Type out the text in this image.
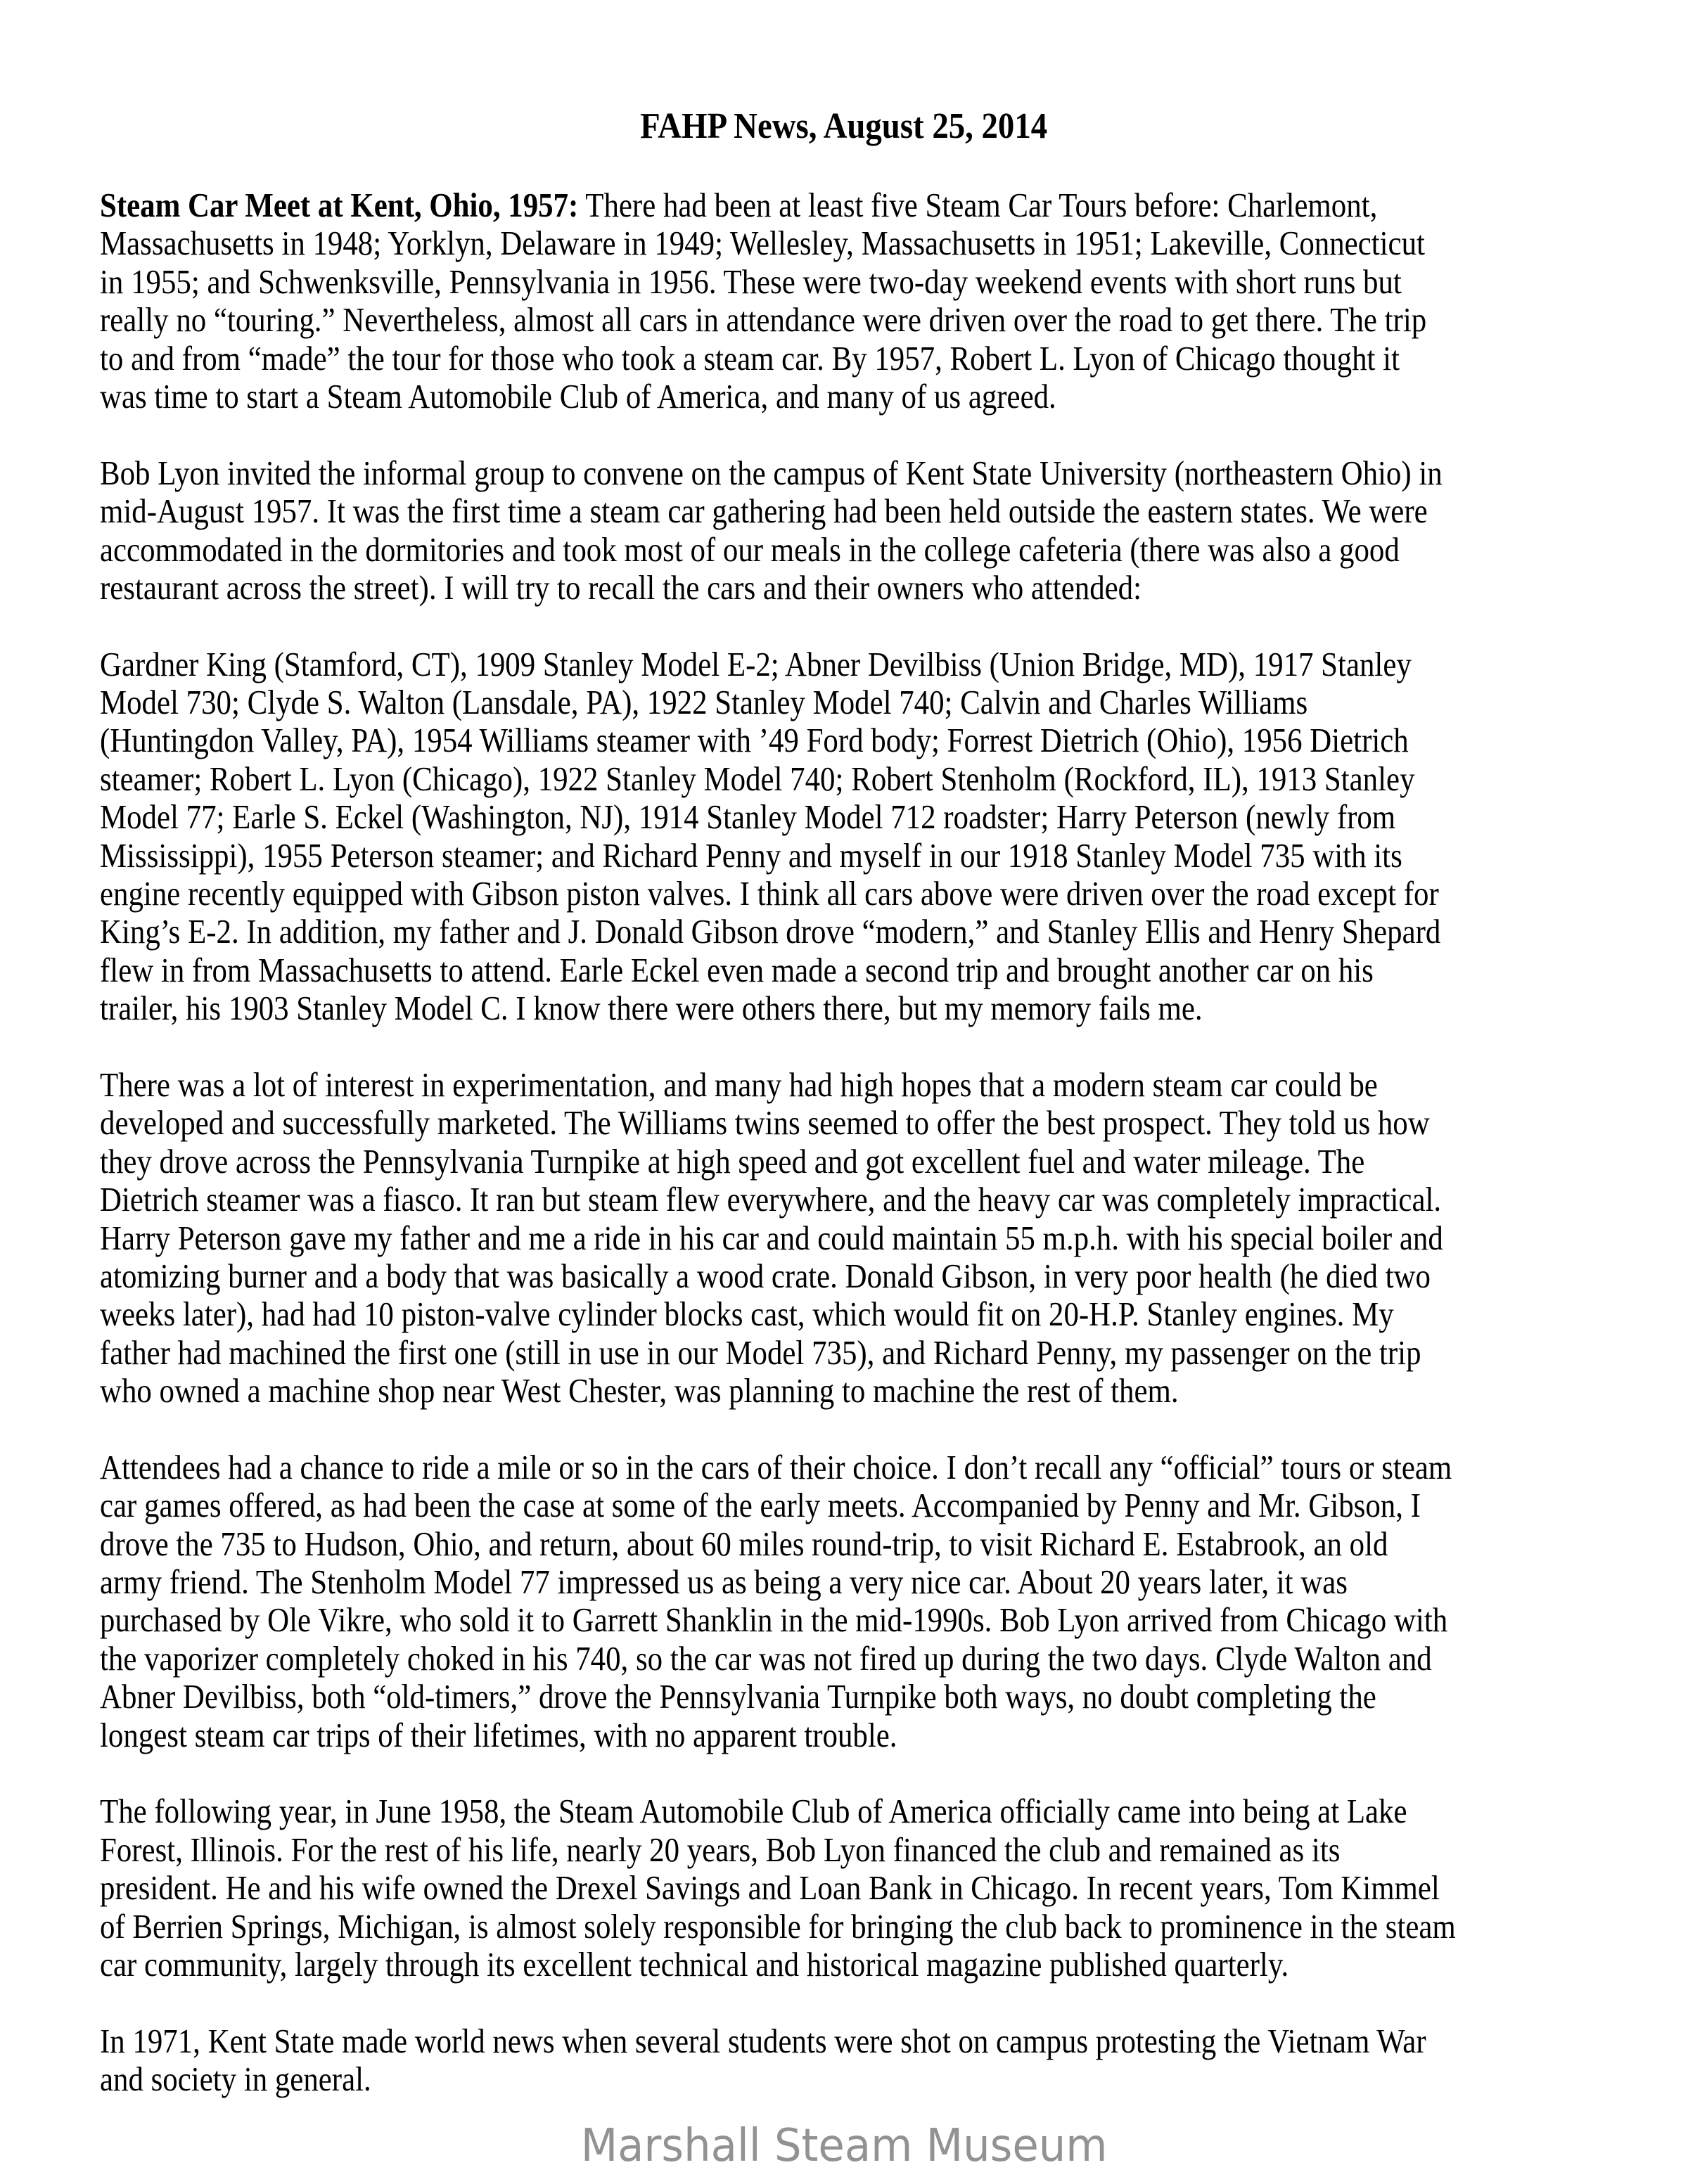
FAHP News, August 25, 2014
Steam Car Meet at Kent, Ohio, 1957: There had been at least five Steam Car Tours before: Charlemont,
Massachusetts in 1948; Yorklyn, Delaware in 1949; Wellesley, Massachusetts in 1951; Lakeville, Connecticut
in 1955; and Schwenksville, Pennsylvania in 1956. These were two-day weekend events with short runs but
really no “touring.” Nevertheless, almost all cars in attendance were driven over the road to get there. The trip
to and from “made” the tour for those who took a steam car. By 1957, Robert L. Lyon of Chicago thought it
was time to start a Steam Automobile Club of America, and many of us agreed.
Bob Lyon invited the informal group to convene on the campus of Kent State University (northeastern Ohio) in
mid-August 1957. It was the first time a steam car gathering had been held outside the eastern states. We were
accommodated in the dormitories and took most of our meals in the college cafeteria (there was also a good
restaurant across the street). I will try to recall the cars and their owners who attended:
Gardner King (Stamford, CT), 1909 Stanley Model E-2; Abner Devilbiss (Union Bridge, MD), 1917 Stanley
Model 730; Clyde S. Walton (Lansdale, PA), 1922 Stanley Model 740; Calvin and Charles Williams
(Huntingdon Valley, PA), 1954 Williams steamer with ’49 Ford body; Forrest Dietrich (Ohio), 1956 Dietrich
steamer; Robert L. Lyon (Chicago), 1922 Stanley Model 740; Robert Stenholm (Rockford, IL), 1913 Stanley
Model 77; Earle S. Eckel (Washington, NJ), 1914 Stanley Model 712 roadster; Harry Peterson (newly from
Mississippi), 1955 Peterson steamer; and Richard Penny and myself in our 1918 Stanley Model 735 with its
engine recently equipped with Gibson piston valves. I think all cars above were driven over the road except for
King’s E-2. In addition, my father and J. Donald Gibson drove “modern,” and Stanley Ellis and Henry Shepard
flew in from Massachusetts to attend. Earle Eckel even made a second trip and brought another car on his
trailer, his 1903 Stanley Model C. I know there were others there, but my memory fails me.
There was a lot of interest in experimentation, and many had high hopes that a modern steam car could be
developed and successfully marketed. The Williams twins seemed to offer the best prospect. They told us how
they drove across the Pennsylvania Turnpike at high speed and got excellent fuel and water mileage. The
Dietrich steamer was a fiasco. It ran but steam flew everywhere, and the heavy car was completely impractical.
Harry Peterson gave my father and me a ride in his car and could maintain 55 m.p.h. with his special boiler and
atomizing burner and a body that was basically a wood crate. Donald Gibson, in very poor health (he died two
weeks later), had had 10 piston-valve cylinder blocks cast, which would fit on 20-H.P. Stanley engines. My
father had machined the first one (still in use in our Model 735), and Richard Penny, my passenger on the trip
who owned a machine shop near West Chester, was planning to machine the rest of them.
Attendees had a chance to ride a mile or so in the cars of their choice. I don’t recall any “official” tours or steam
car games offered, as had been the case at some of the early meets. Accompanied by Penny and Mr. Gibson, I
drove the 735 to Hudson, Ohio, and return, about 60 miles round-trip, to visit Richard E. Estabrook, an old
army friend. The Stenholm Model 77 impressed us as being a very nice car. About 20 years later, it was
purchased by Ole Vikre, who sold it to Garrett Shanklin in the mid-1990s. Bob Lyon arrived from Chicago with
the vaporizer completely choked in his 740, so the car was not fired up during the two days. Clyde Walton and
Abner Devilbiss, both “old-timers,” drove the Pennsylvania Turnpike both ways, no doubt completing the
longest steam car trips of their lifetimes, with no apparent trouble.
The following year, in June 1958, the Steam Automobile Club of America officially came into being at Lake
Forest, Illinois. For the rest of his life, nearly 20 years, Bob Lyon financed the club and remained as its
president. He and his wife owned the Drexel Savings and Loan Bank in Chicago. In recent years, Tom Kimmel
of Berrien Springs, Michigan, is almost solely responsible for bringing the club back to prominence in the steam
car community, largely through its excellent technical and historical magazine published quarterly.
In 1971, Kent State made world news when several students were shot on campus protesting the Vietnam War
and society in general.
Marshall Steam Museum
